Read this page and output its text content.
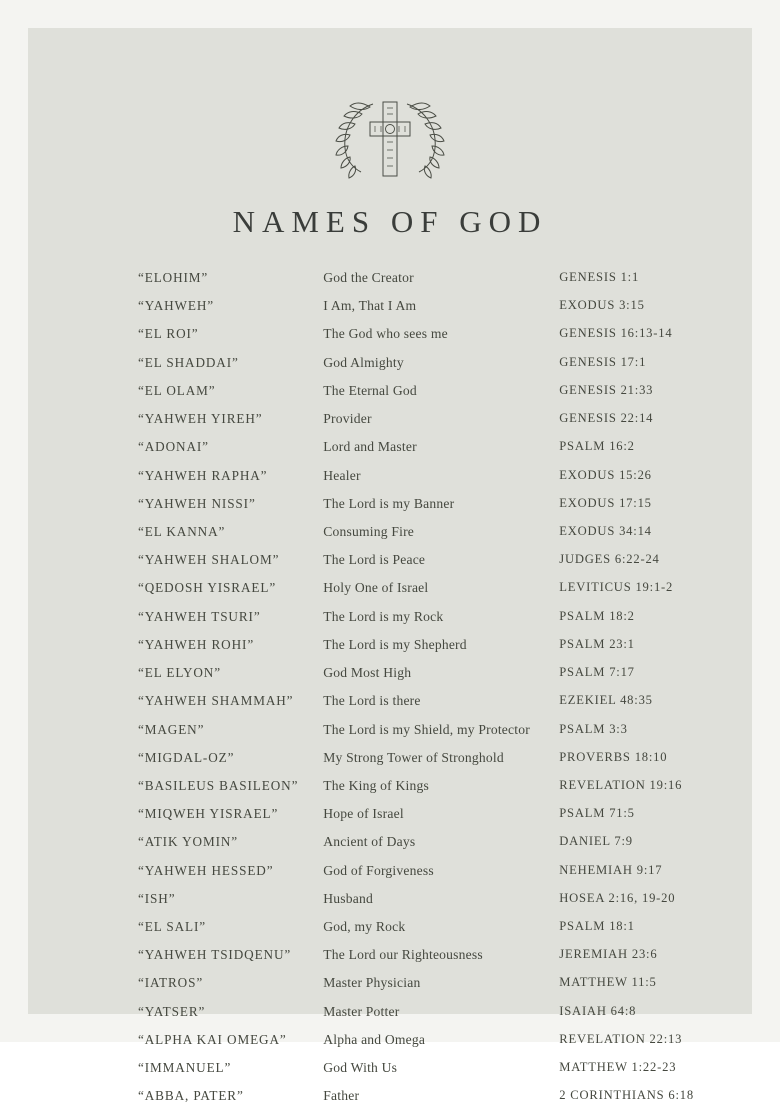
NAMES OF GOD
“ELOHIM”	God the Creator	GENESIS 1:1
“YAHWEH”	I Am, That I Am	EXODUS 3:15
“EL ROI”	The God who sees me	GENESIS 16:13-14
“EL SHADDAI”	God Almighty	GENESIS 17:1
“EL OLAM”	The Eternal God	GENESIS 21:33
“YAHWEH YIREH”	Provider	GENESIS 22:14
“ADONAI”	Lord and Master	PSALM 16:2
“YAHWEH RAPHA”	Healer	EXODUS 15:26
“YAHWEH NISSI”	The Lord is my Banner	EXODUS 17:15
“EL KANNA”	Consuming Fire	EXODUS 34:14
“YAHWEH SHALOM”	The Lord is Peace	JUDGES 6:22-24
“QEDOSH YISRAEL”	Holy One of Israel	LEVITICUS 19:1-2
“YAHWEH TSURI”	The Lord is my Rock	PSALM 18:2
“YAHWEH ROHI”	The Lord is my Shepherd	PSALM 23:1
“EL ELYON”	God Most High	PSALM 7:17
“YAHWEH SHAMMAH”	The Lord is there	EZEKIEL 48:35
“MAGEN”	The Lord is my Shield, my Protector	PSALM 3:3
“MIGDAL-OZ”	My Strong Tower of Stronghold	PROVERBS 18:10
“BASILEUS BASILEON”	The King of Kings	REVELATION 19:16
“MIQWEH YISRAEL”	Hope of Israel	PSALM 71:5
“ATIK YOMIN”	Ancient of Days	DANIEL 7:9
“YAHWEH HESSED”	God of Forgiveness	NEHEMIAH 9:17
“ISH”	Husband	HOSEA 2:16, 19-20
“EL SALI”	God, my Rock	PSALM 18:1
“YAHWEH TSIDQENU”	The Lord our Righteousness	JEREMIAH 23:6
“IATROS”	Master Physician	MATTHEW 11:5
“YATSER”	Master Potter	ISAIAH 64:8
“ALPHA KAI OMEGA”	Alpha and Omega	REVELATION 22:13
“IMMANUEL”	God With Us	MATTHEW 1:22-23
“ABBA, PATER”	Father	2 CORINTHIANS 6:18
